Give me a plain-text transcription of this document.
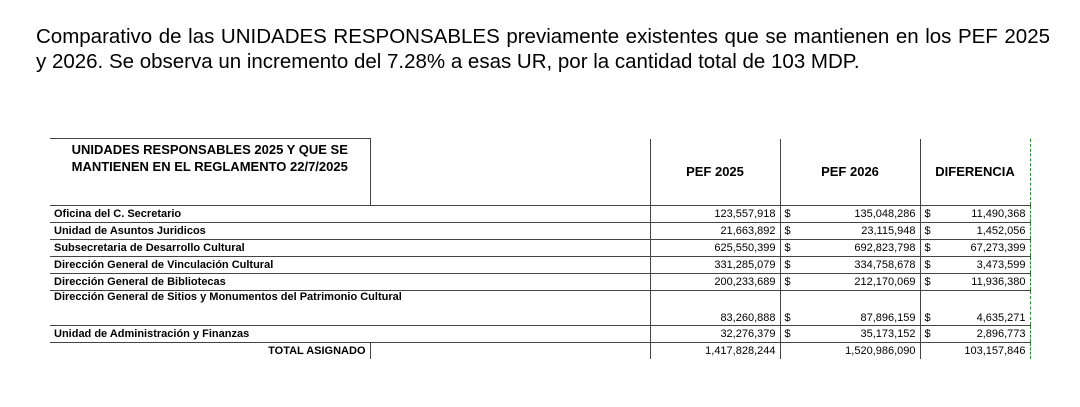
Comparativo de las UNIDADES RESPONSABLES previamente existentes que se mantienen en los PEF 2025 y 2026. Se observa un incremento del 7.28% a esas UR, por la cantidad total de 103 MDP.
UNIDADES RESPONSABLES 2025 Y QUE SE MANTIENEN EN EL REGLAMENTO 22/7/2025		PEF 2025	PEF 2026		DIFERENCIA	
Oficina del C. Secretario		123,557,918	$	135,048,286	$	11,490,368
Unidad de Asuntos Juridicos		21,663,892	$	23,115,948	$	1,452,056
Subsecretaria de Desarrollo Cultural		625,550,399	$	692,823,798	$	67,273,399
Dirección General de Vinculación Cultural		331,285,079	$	334,758,678	$	3,473,599
Dirección General de Bibliotecas		200,233,689	$	212,170,069	$	11,936,380
Dirección General de Sitios y Monumentos del Patrimonio Cultural		83,260,888	$	87,896,159	$	4,635,271
Unidad de Administración y Finanzas		32,276,379	$	35,173,152	$	2,896,773
TOTAL ASIGNADO		1,417,828,244	1,520,986,090		103,157,846	
